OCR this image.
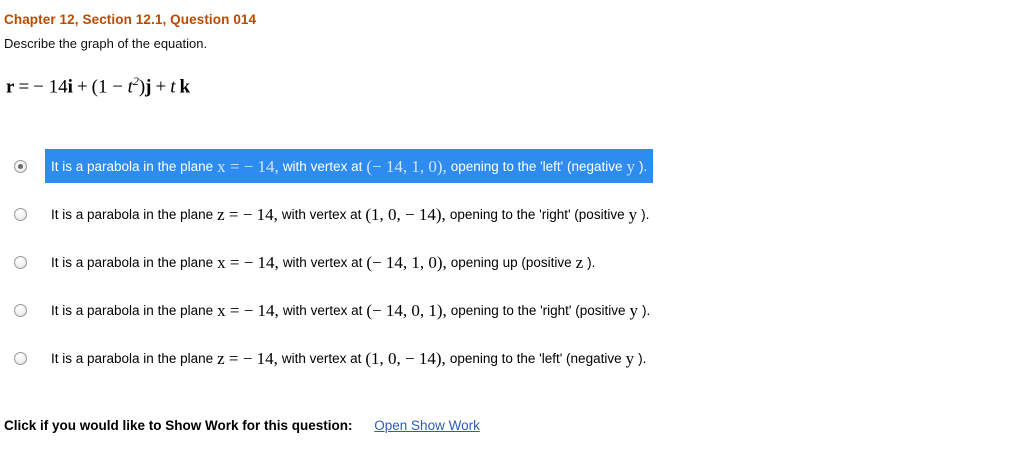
Chapter 12, Section 12.1, Question 014
Describe the graph of the equation.
r = − $14i + (1 - t^2)j + t$ k
It is a parabola in the plane x = − 14, with vertex at (− 14, 1, 0), opening to the 'left' (negative y ).
It is a parabola in the plane z = − 14, with vertex at (1, 0, − 14), opening to the 'right' (positive y ).
It is a parabola in the plane x = − 14, with vertex at (− 14, 1, 0), opening up (positive z ).
It is a parabola in the plane x = − 14, with vertex at (− 14, 0, 1), opening to the 'right' (positive y ).
It is a parabola in the plane z = − 14, with vertex at (1, 0, − 14), opening to the 'left' (negative y ).
Click if you would like to Show Work for this question: Open Show Work
